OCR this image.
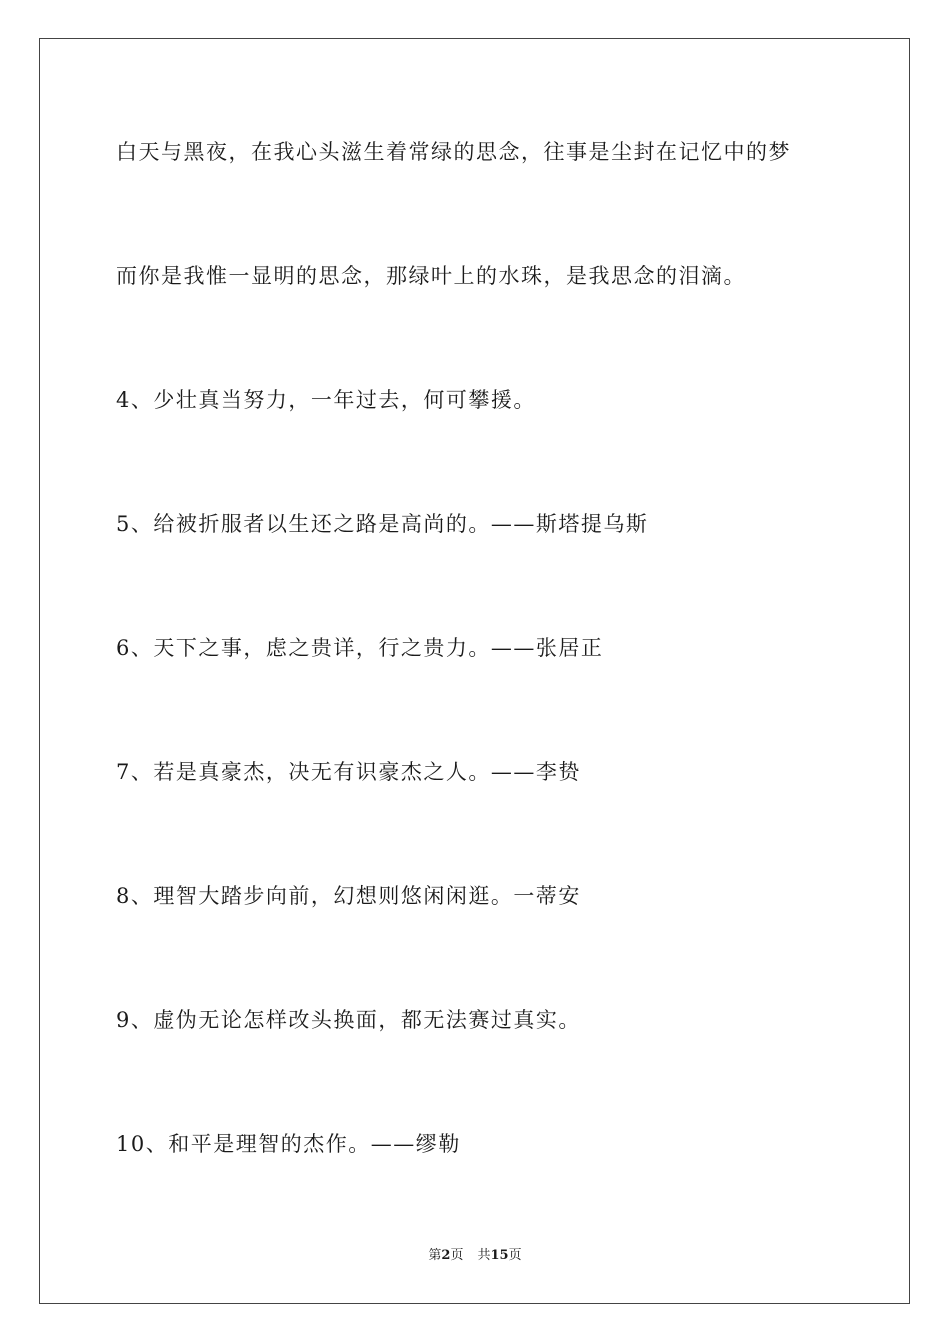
白天与黑夜，在我心头滋生着常绿的思念，往事是尘封在记忆中的梦
而你是我惟一显明的思念，那绿叶上的水珠，是我思念的泪滴。
4、少壮真当努力，一年过去，何可攀援。
5、给被折服者以生还之路是高尚的。——斯塔提乌斯
6、天下之事，虑之贵详，行之贵力。——张居正
7、若是真豪杰，决无有识豪杰之人。——李贽
8、理智大踏步向前，幻想则悠闲闲逛。一蒂安
9、虚伪无论怎样改头换面，都无法赛过真实。
10、和平是理智的杰作。——缪勒
第2页 共15页
